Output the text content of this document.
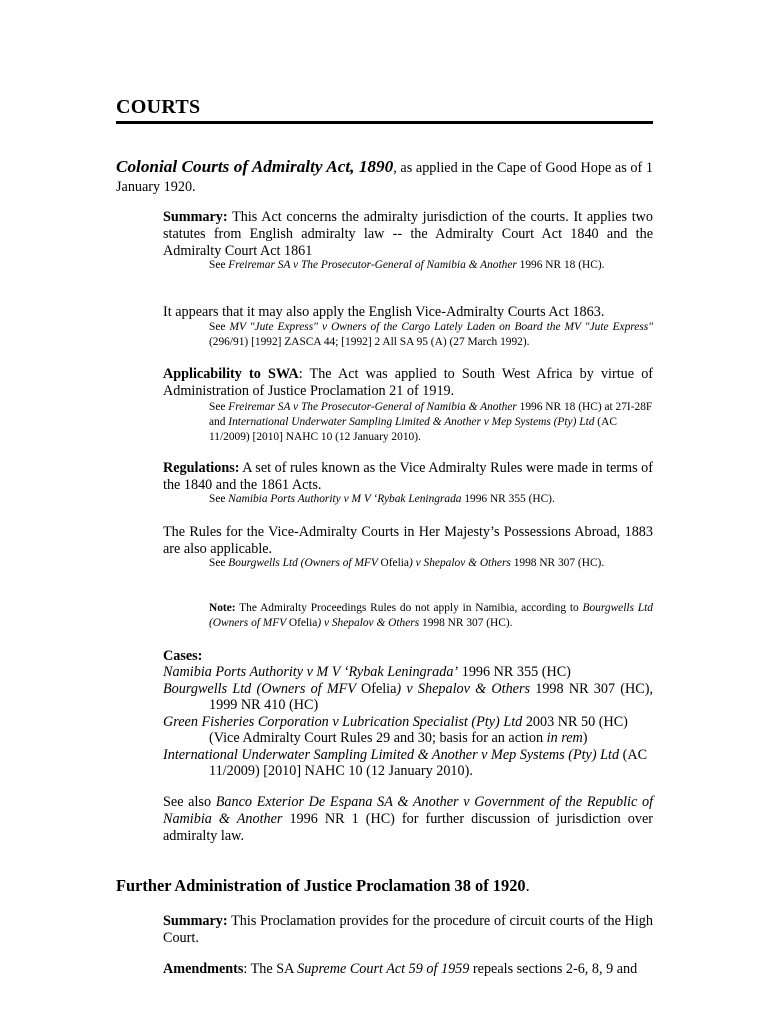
COURTS
Colonial Courts of Admiralty Act, 1890, as applied in the Cape of Good Hope as of 1 January 1920.
Summary: This Act concerns the admiralty jurisdiction of the courts. It applies two statutes from English admiralty law -- the Admiralty Court Act 1840 and the Admiralty Court Act 1861
See Freiremar SA v The Prosecutor-General of Namibia & Another 1996 NR 18 (HC).
It appears that it may also apply the English Vice-Admiralty Courts Act 1863.
See MV "Jute Express" v Owners of the Cargo Lately Laden on Board the MV "Jute Express" (296/91) [1992] ZASCA 44; [1992] 2 All SA 95 (A) (27 March 1992).
Applicability to SWA: The Act was applied to South West Africa by virtue of Administration of Justice Proclamation 21 of 1919.
See Freiremar SA v The Prosecutor-General of Namibia & Another 1996 NR 18 (HC) at 27I-28F and International Underwater Sampling Limited & Another v Mep Systems (Pty) Ltd (AC 11/2009) [2010] NAHC 10 (12 January 2010).
Regulations: A set of rules known as the Vice Admiralty Rules were made in terms of the 1840 and the 1861 Acts.
See Namibia Ports Authority v M V ‘Rybak Leningrada 1996 NR 355 (HC).
The Rules for the Vice-Admiralty Courts in Her Majesty’s Possessions Abroad, 1883 are also applicable.
See Bourgwells Ltd (Owners of MFV Ofelia) v Shepalov & Others 1998 NR 307 (HC).
Note: The Admiralty Proceedings Rules do not apply in Namibia, according to Bourgwells Ltd (Owners of MFV Ofelia) v Shepalov & Others 1998 NR 307 (HC).
Cases:

Namibia Ports Authority v M V ‘Rybak Leningrada’ 1996 NR 355 (HC)

Bourgwells Ltd (Owners of MFV Ofelia) v Shepalov & Others 1998 NR 307 (HC), 1999 NR 410 (HC)

Green Fisheries Corporation v Lubrication Specialist (Pty) Ltd 2003 NR 50 (HC) (Vice Admiralty Court Rules 29 and 30; basis for an action in rem)

International Underwater Sampling Limited & Another v Mep Systems (Pty) Ltd (AC 11/2009) [2010] NAHC 10 (12 January 2010).

See also Banco Exterior De Espana SA & Another v Government of the Republic of Namibia & Another 1996 NR 1 (HC) for further discussion of jurisdiction over admiralty law.
Further Administration of Justice Proclamation 38 of 1920.
Summary: This Proclamation provides for the procedure of circuit courts of the High Court.
Amendments: The SA Supreme Court Act 59 of 1959 repeals sections 2-6, 8, 9 and
